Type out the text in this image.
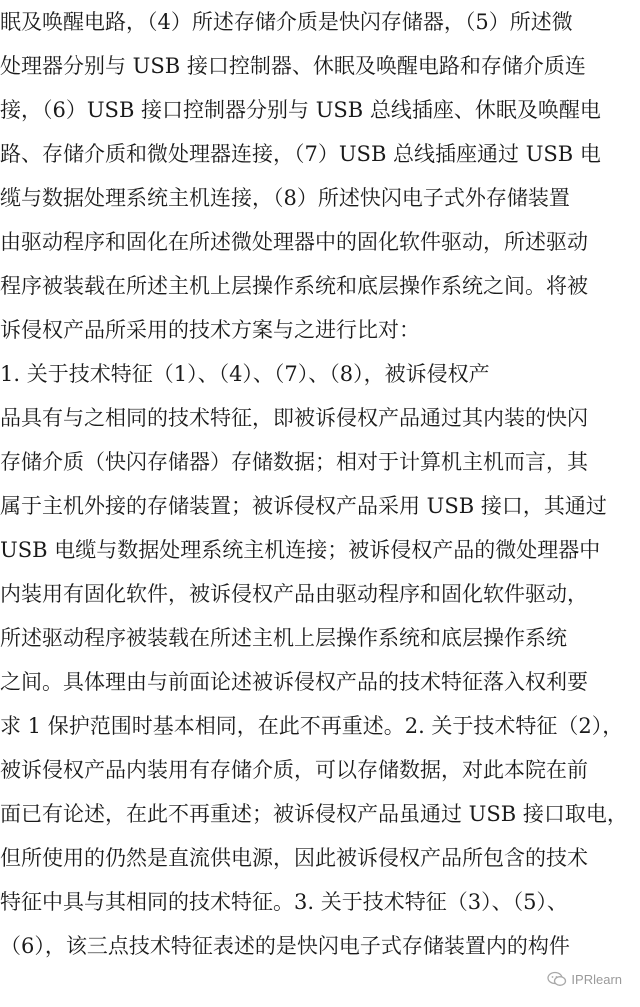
眠及唤醒电路，（4）所述存储介质是快闪存储器，（5）所述微
处理器分别与 USB 接口控制器、休眠及唤醒电路和存储介质连
接，（6）USB 接口控制器分别与 USB 总线插座、休眠及唤醒电
路、存储介质和微处理器连接，（7）USB 总线插座通过 USB 电
缆与数据处理系统主机连接，（8）所述快闪电子式外存储装置
由驱动程序和固化在所述微处理器中的固化软件驱动，所述驱动
程序被装载在所述主机上层操作系统和底层操作系统之间。将被
诉侵权产品所采用的技术方案与之进行比对：
1. 关于技术特征（1）、（4）、（7）、（8），被诉侵权产
品具有与之相同的技术特征，即被诉侵权产品通过其内装的快闪
存储介质（快闪存储器）存储数据；相对于计算机主机而言，其
属于主机外接的存储装置；被诉侵权产品采用 USB 接口，其通过
USB 电缆与数据处理系统主机连接；被诉侵权产品的微处理器中
内装用有固化软件，被诉侵权产品由驱动程序和固化软件驱动，
所述驱动程序被装载在所述主机上层操作系统和底层操作系统
之间。具体理由与前面论述被诉侵权产品的技术特征落入权利要
求 1 保护范围时基本相同，在此不再重述。2. 关于技术特征（2），
被诉侵权产品内装用有存储介质，可以存储数据，对此本院在前
面已有论述，在此不再重述；被诉侵权产品虽通过 USB 接口取电，
但所使用的仍然是直流供电源，因此被诉侵权产品所包含的技术
特征中具与其相同的技术特征。3. 关于技术特征（3）、（5）、
（6），该三点技术特征表述的是快闪电子式存储装置内的构件
IPRlearn
